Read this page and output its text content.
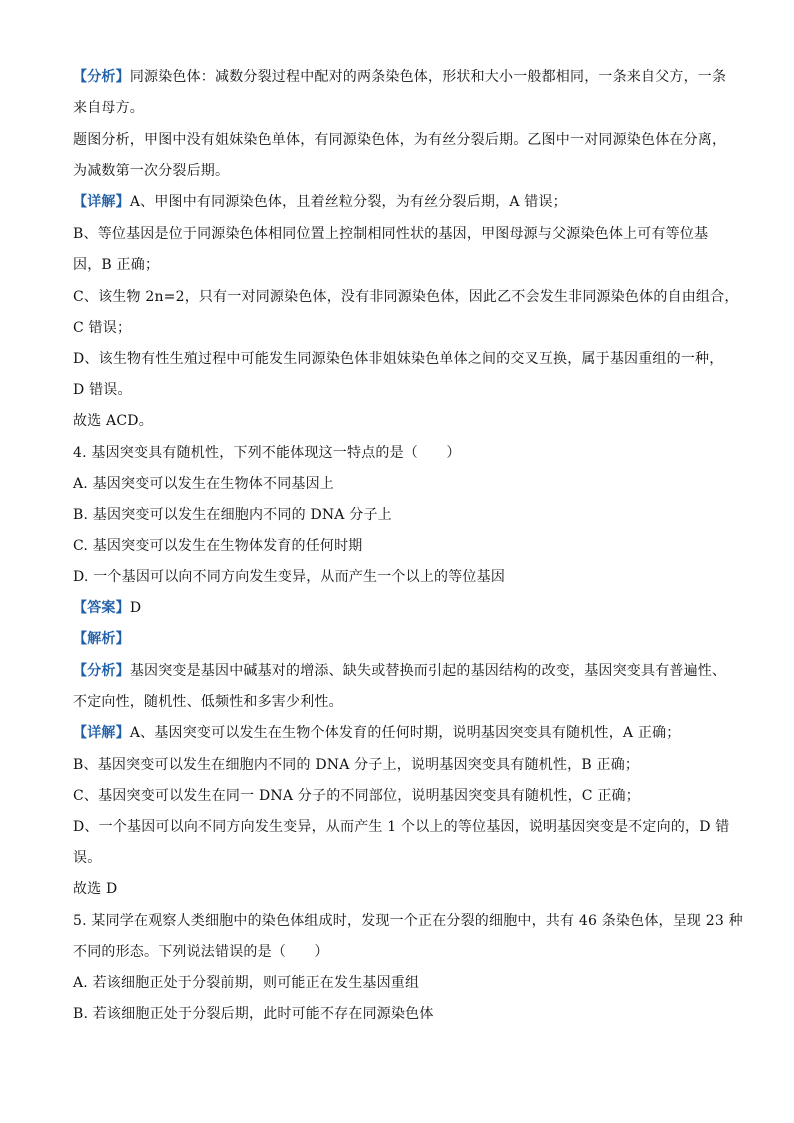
【分析】同源染色体：减数分裂过程中配对的两条染色体，形状和大小一般都相同，一条来自父方，一条
来自母方。
题图分析，甲图中没有姐妹染色单体，有同源染色体，为有丝分裂后期。乙图中一对同源染色体在分离，
为减数第一次分裂后期。
【详解】A、甲图中有同源染色体，且着丝粒分裂，为有丝分裂后期，A 错误；
B、等位基因是位于同源染色体相同位置上控制相同性状的基因，甲图母源与父源染色体上可有等位基
因，B 正确；
C、该生物 2n=2，只有一对同源染色体，没有非同源染色体，因此乙不会发生非同源染色体的自由组合，
C 错误；
D、该生物有性生殖过程中可能发生同源染色体非姐妹染色单体之间的交叉互换，属于基因重组的一种，
D 错误。
故选 ACD。
4. 基因突变具有随机性，下列不能体现这一特点的是（　　）
A. 基因突变可以发生在生物体不同基因上
B. 基因突变可以发生在细胞内不同的 DNA 分子上
C. 基因突变可以发生在生物体发育的任何时期
D. 一个基因可以向不同方向发生变异，从而产生一个以上的等位基因
【答案】D
【解析】
【分析】基因突变是基因中碱基对的增添、缺失或替换而引起的基因结构的改变，基因突变具有普遍性、
不定向性，随机性、低频性和多害少利性。
【详解】A、基因突变可以发生在生物个体发育的任何时期，说明基因突变具有随机性，A 正确；
B、基因突变可以发生在细胞内不同的 DNA 分子上，说明基因突变具有随机性，B 正确；
C、基因突变可以发生在同一 DNA 分子的不同部位，说明基因突变具有随机性，C 正确；
D、一个基因可以向不同方向发生变异，从而产生 1 个以上的等位基因，说明基因突变是不定向的，D 错
误。
故选 D
5. 某同学在观察人类细胞中的染色体组成时，发现一个正在分裂的细胞中，共有 46 条染色体，呈现 23 种
不同的形态。下列说法错误的是（　　）
A. 若该细胞正处于分裂前期，则可能正在发生基因重组
B. 若该细胞正处于分裂后期，此时可能不存在同源染色体
